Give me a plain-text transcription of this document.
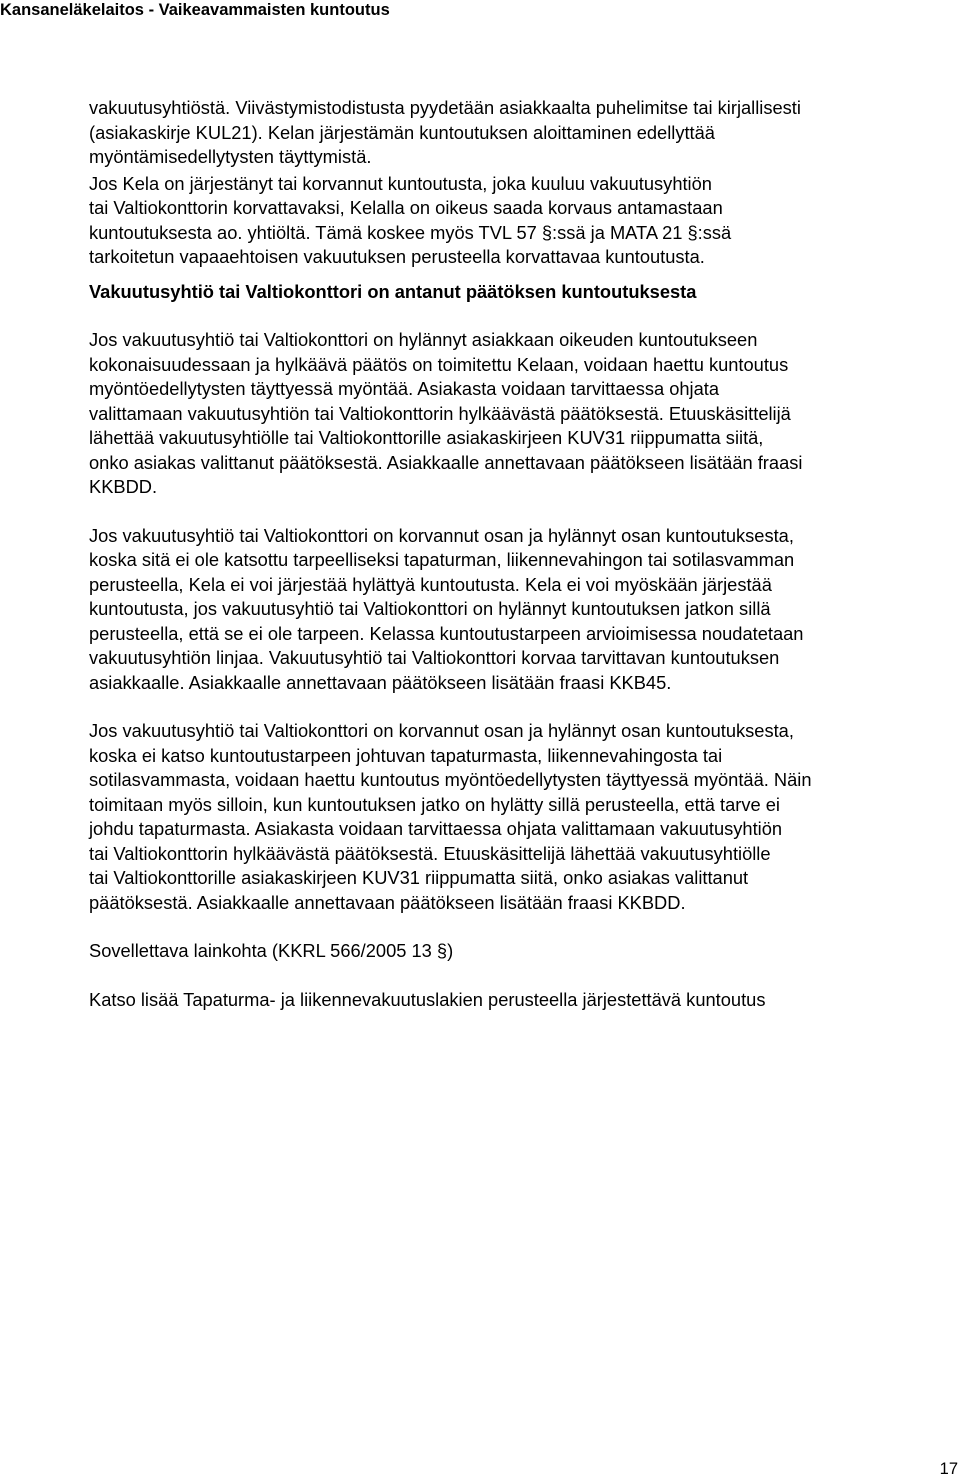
Kansaneläkelaitos - Vaikeavammaisten kuntoutus

vakuutusyhtiöstä. Viivästymistodistusta pyydetään asiakkaalta puhelimitse tai kirjallisesti

(asiakaskirje KUL21). Kelan järjestämän kuntoutuksen aloittaminen edellyttää

myöntämisedellytysten täyttymistä.

Jos Kela on järjestänyt tai korvannut kuntoutusta, joka kuuluu vakuutusyhtiön

tai Valtiokonttorin korvattavaksi, Kelalla on oikeus saada korvaus antamastaan

kuntoutuksesta ao. yhtiöltä. Tämä koskee myös TVL 57 §:ssä ja MATA 21 §:ssä

tarkoitetun vapaaehtoisen vakuutuksen perusteella korvattavaa kuntoutusta.

Vakuutusyhtiö tai Valtiokonttori on antanut päätöksen kuntoutuksesta

Jos vakuutusyhtiö tai Valtiokonttori on hylännyt asiakkaan oikeuden kuntoutukseen

kokonaisuudessaan ja hylkäävä päätös on toimitettu Kelaan, voidaan haettu kuntoutus

myöntöedellytysten täyttyessä myöntää. Asiakasta voidaan tarvittaessa ohjata

valittamaan vakuutusyhtiön tai Valtiokonttorin hylkäävästä päätöksestä. Etuuskäsittelijä

lähettää vakuutusyhtiölle tai Valtiokonttorille asiakaskirjeen KUV31 riippumatta siitä,

onko asiakas valittanut päätöksestä. Asiakkaalle annettavaan päätökseen lisätään fraasi

KKBDD.

Jos vakuutusyhtiö tai Valtiokonttori on korvannut osan ja hylännyt osan kuntoutuksesta,

koska sitä ei ole katsottu tarpeelliseksi tapaturman, liikennevahingon tai sotilasvamman

perusteella, Kela ei voi järjestää hylättyä kuntoutusta. Kela ei voi myöskään järjestää

kuntoutusta, jos vakuutusyhtiö tai Valtiokonttori on hylännyt kuntoutuksen jatkon sillä

perusteella, että se ei ole tarpeen. Kelassa kuntoutustarpeen arvioimisessa noudatetaan

vakuutusyhtiön linjaa. Vakuutusyhtiö tai Valtiokonttori korvaa tarvittavan kuntoutuksen

asiakkaalle. Asiakkaalle annettavaan päätökseen lisätään fraasi KKB45.

Jos vakuutusyhtiö tai Valtiokonttori on korvannut osan ja hylännyt osan kuntoutuksesta,

koska ei katso kuntoutustarpeen johtuvan tapaturmasta, liikennevahingosta tai

sotilasvammasta, voidaan haettu kuntoutus myöntöedellytysten täyttyessä myöntää. Näin

toimitaan myös silloin, kun kuntoutuksen jatko on hylätty sillä perusteella, että tarve ei

johdu tapaturmasta. Asiakasta voidaan tarvittaessa ohjata valittamaan vakuutusyhtiön

tai Valtiokonttorin hylkäävästä päätöksestä. Etuuskäsittelijä lähettää vakuutusyhtiölle

tai Valtiokonttorille asiakaskirjeen KUV31 riippumatta siitä, onko asiakas valittanut

päätöksestä. Asiakkaalle annettavaan päätökseen lisätään fraasi KKBDD.

Sovellettava lainkohta (KKRL 566/2005 13 §)

Katso lisää Tapaturma- ja liikennevakuutuslakien perusteella järjestettävä kuntoutus

17
